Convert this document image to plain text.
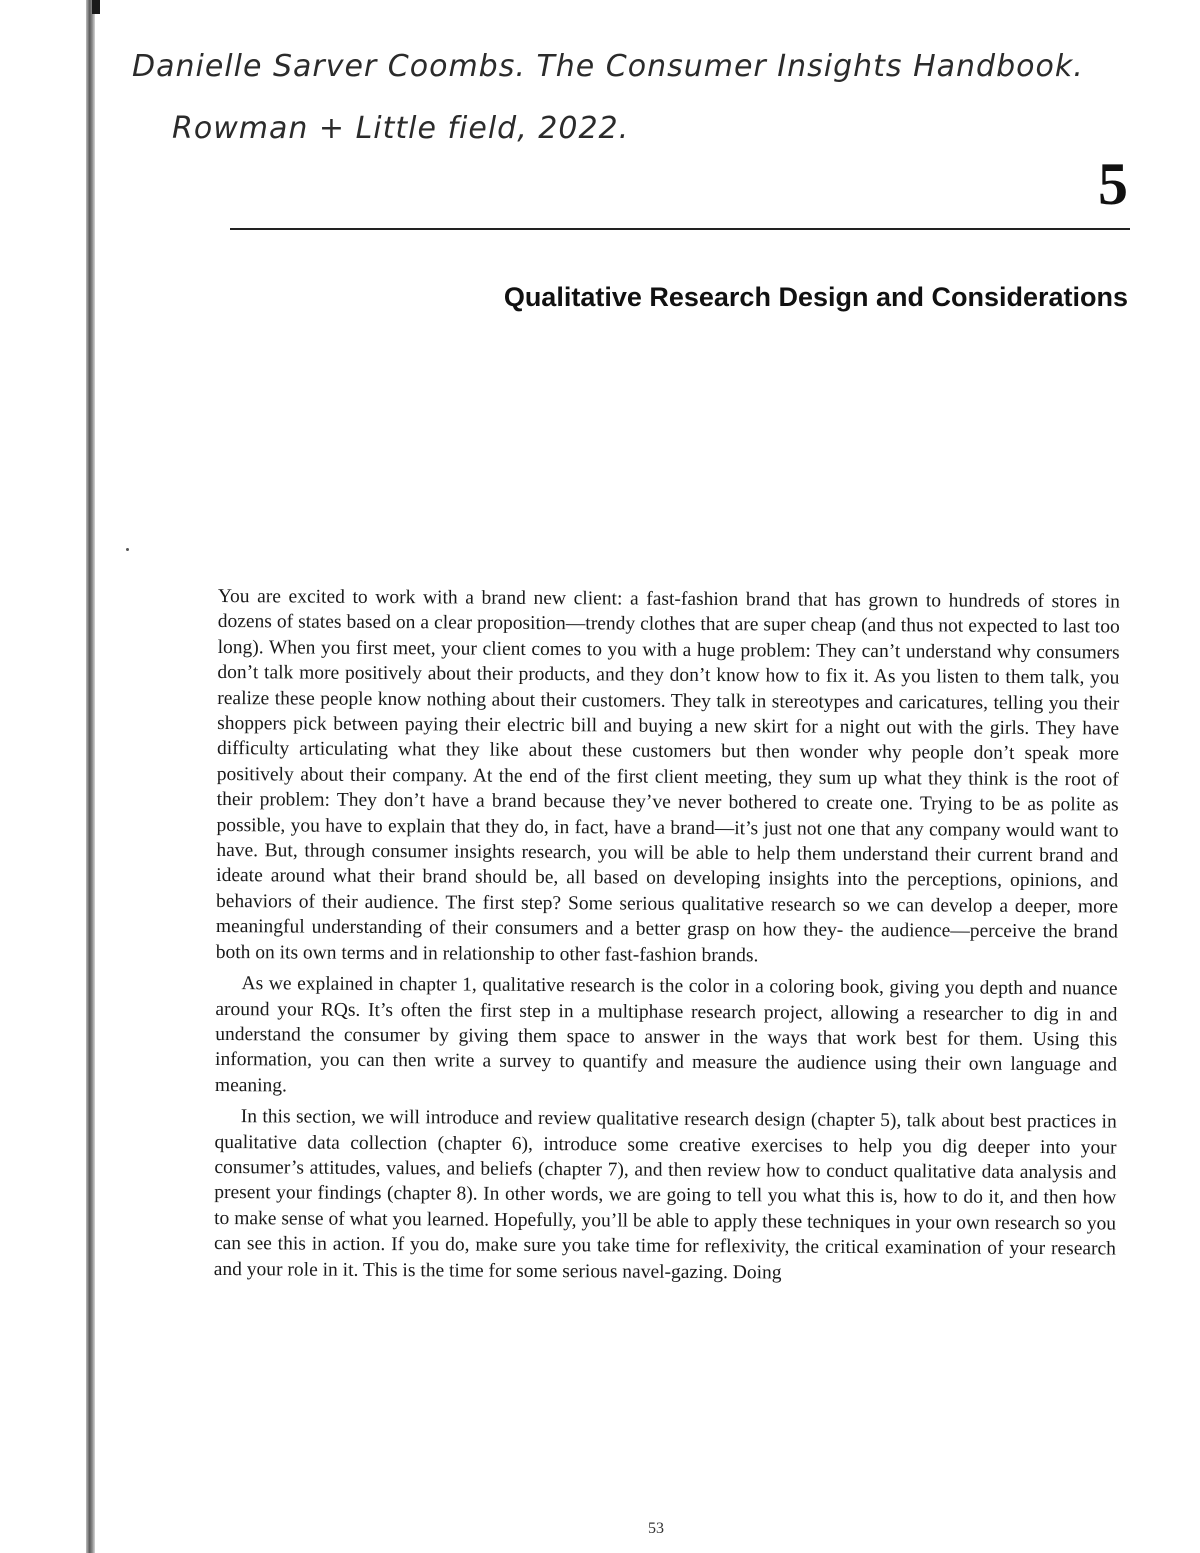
Danielle Sarver Coombs. The Consumer Insights Handbook.
Rowman + Little field, 2022.
5
Qualitative Research Design and Considerations

You are excited to work with a brand new client: a fast-fashion brand that has grown to hundreds of stores in dozens of states based on a clear proposition—trendy clothes that are super cheap (and thus not expected to last too long). When you first meet, your client comes to you with a huge problem: They can’t understand why consumers don’t talk more positively about their products, and they don’t know how to fix it. As you listen to them talk, you realize these people know nothing about their customers. They talk in stereotypes and caricatures, telling you their shoppers pick between paying their electric bill and buying a new skirt for a night out with the girls. They have difficulty articulating what they like about these customers but then wonder why people don’t speak more positively about their company. At the end of the first client meeting, they sum up what they think is the root of their problem: They don’t have a brand because they’ve never bothered to create one. Trying to be as polite as possible, you have to explain that they do, in fact, have a brand—it’s just not one that any company would want to have. But, through consumer insights research, you will be able to help them understand their current brand and ideate around what their brand should be, all based on developing insights into the perceptions, opinions, and behaviors of their audience. The first step? Some serious qualitative research so we can develop a deeper, more meaningful understanding of their consumers and a better grasp on how they- the audience—perceive the brand both on its own terms and in relationship to other fast-fashion brands.

As we explained in chapter 1, qualitative research is the color in a coloring book, giving you depth and nuance around your RQs. It’s often the first step in a multiphase research project, allowing a researcher to dig in and understand the consumer by giving them space to answer in the ways that work best for them. Using this information, you can then write a survey to quantify and measure the audience using their own language and meaning.

In this section, we will introduce and review qualitative research design (chapter 5), talk about best practices in qualitative data collection (chapter 6), introduce some creative exercises to help you dig deeper into your consumer’s attitudes, values, and beliefs (chapter 7), and then review how to conduct qualitative data analysis and present your findings (chapter 8). In other words, we are going to tell you what this is, how to do it, and then how to make sense of what you learned. Hopefully, you’ll be able to apply these techniques in your own research so you can see this in action. If you do, make sure you take time for reflexivity, the critical examination of your research and your role in it. This is the time for some serious navel-gazing. Doing

53
